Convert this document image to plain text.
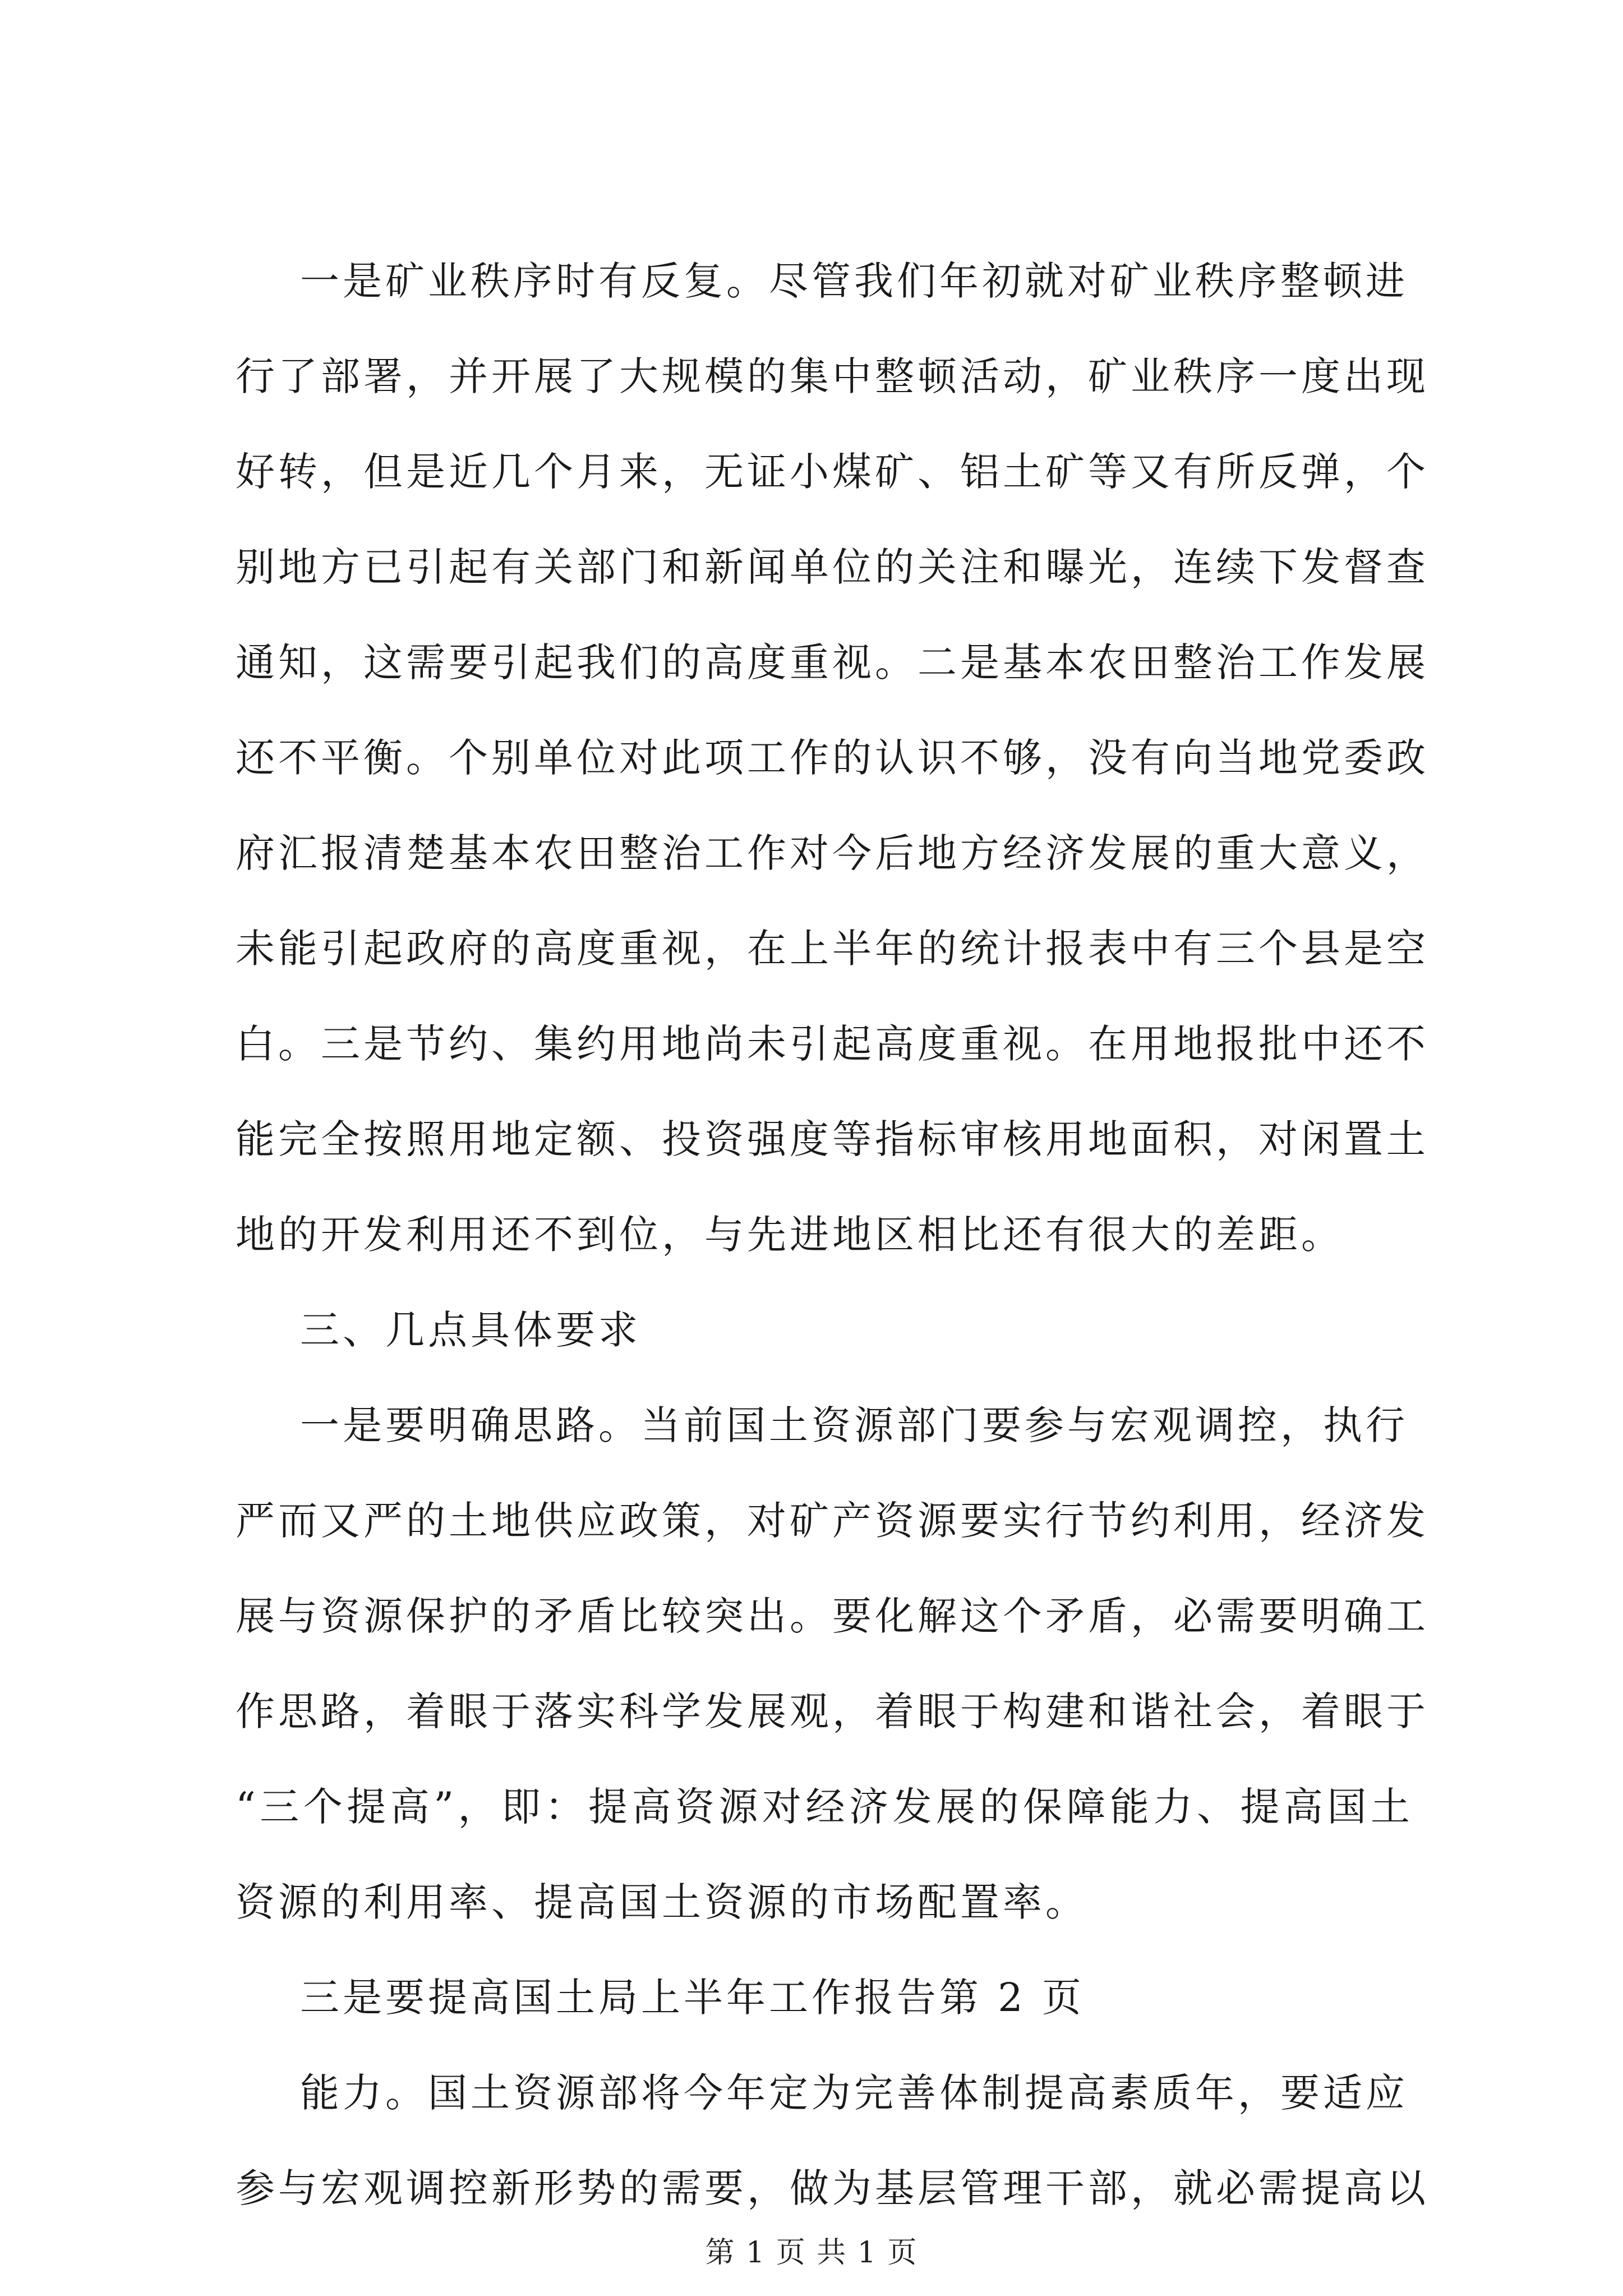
一是矿业秩序时有反复。尽管我们年初就对矿业秩序整顿进
行了部署，并开展了大规模的集中整顿活动，矿业秩序一度出现
好转，但是近几个月来，无证小煤矿、铝土矿等又有所反弹，个
别地方已引起有关部门和新闻单位的关注和曝光，连续下发督查
通知，这需要引起我们的高度重视。二是基本农田整治工作发展
还不平衡。个别单位对此项工作的认识不够，没有向当地党委政
府汇报清楚基本农田整治工作对今后地方经济发展的重大意义，
未能引起政府的高度重视，在上半年的统计报表中有三个县是空
白。三是节约、集约用地尚未引起高度重视。在用地报批中还不
能完全按照用地定额、投资强度等指标审核用地面积，对闲置土
地的开发利用还不到位，与先进地区相比还有很大的差距。
三、几点具体要求
一是要明确思路。当前国土资源部门要参与宏观调控，执行
严而又严的土地供应政策，对矿产资源要实行节约利用，经济发
展与资源保护的矛盾比较突出。要化解这个矛盾，必需要明确工
作思路，着眼于落实科学发展观，着眼于构建和谐社会，着眼于
“三个提高”，即：提高资源对经济发展的保障能力、提高国土
资源的利用率、提高国土资源的市场配置率。
三是要提高国土局上半年工作报告第 2 页
能力。国土资源部将今年定为完善体制提高素质年，要适应
参与宏观调控新形势的需要，做为基层管理干部，就必需提高以
第 1 页 共 1 页
